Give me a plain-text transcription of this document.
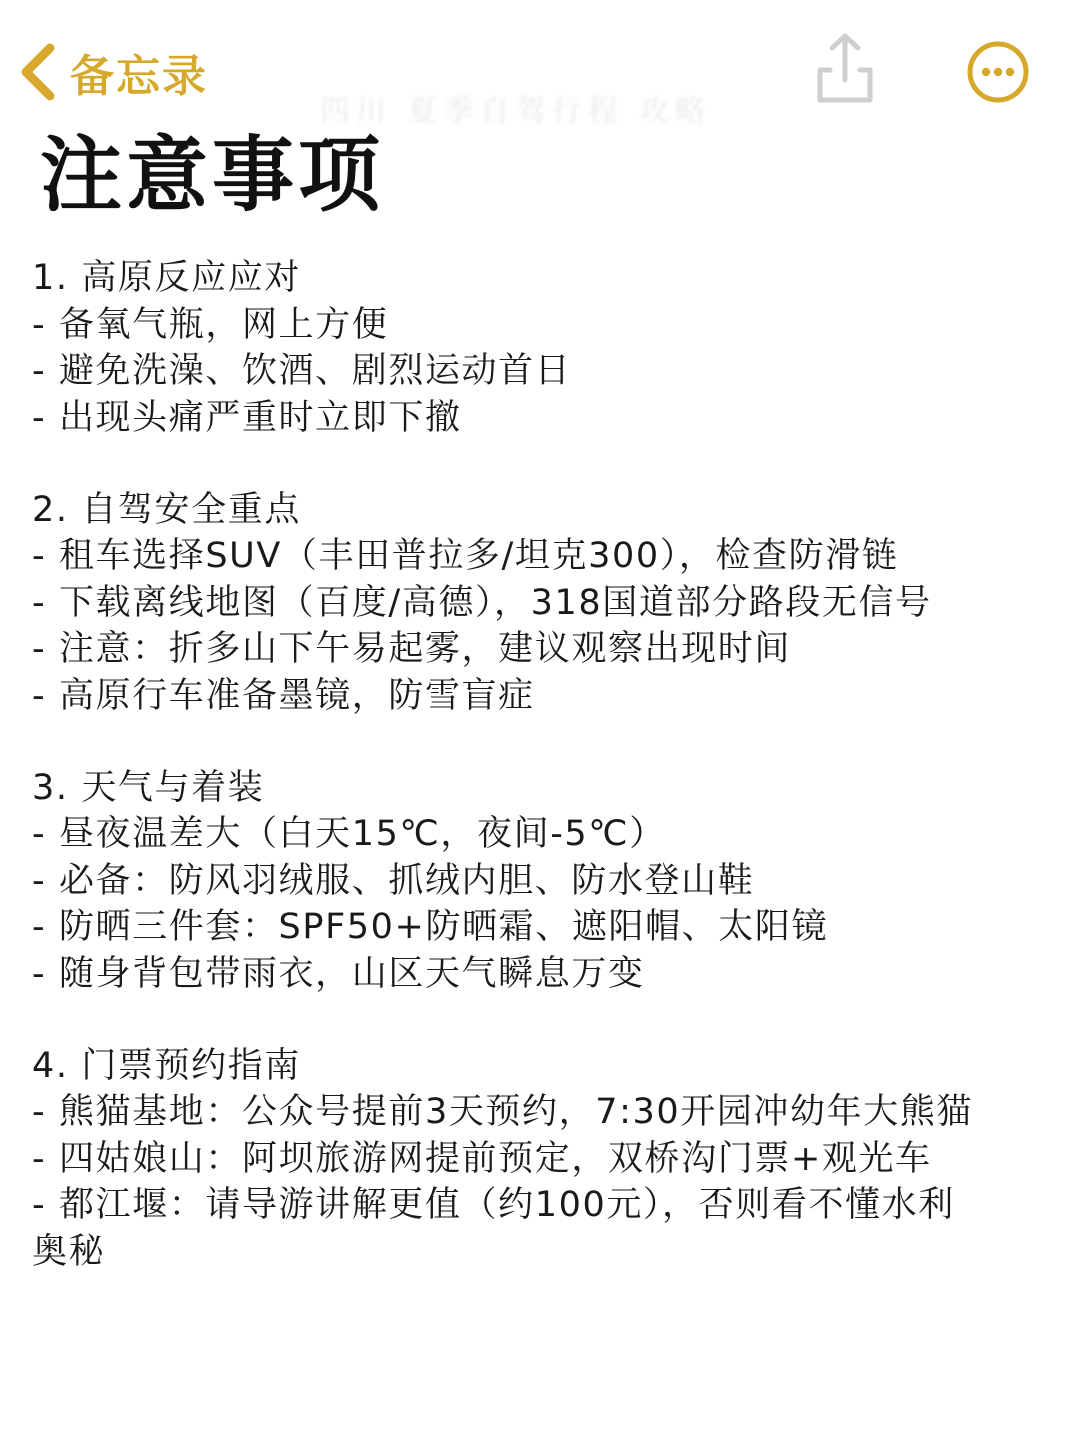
备忘录
四川 夏季自驾行程 攻略
注意事项

1. 高原反应应对

- 备氧气瓶，网上方便

- 避免洗澡、饮酒、剧烈运动首日

- 出现头痛严重时立即下撤

2. 自驾安全重点

- 租车选择SUV（丰田普拉多/坦克300），检查防滑链

- 下载离线地图（百度/高德），318国道部分路段无信号

- 注意：折多山下午易起雾，建议观察出现时间

- 高原行车准备墨镜，防雪盲症

3. 天气与着装

- 昼夜温差大（白天15℃，夜间-5℃）

- 必备：防风羽绒服、抓绒内胆、防水登山鞋

- 防晒三件套：SPF50+防晒霜、遮阳帽、太阳镜

- 随身背包带雨衣，山区天气瞬息万变

4. 门票预约指南

- 熊猫基地：公众号提前3天预约，7:30开园冲幼年大熊猫

- 四姑娘山：阿坝旅游网提前预定，双桥沟门票+观光车

- 都江堰：请导游讲解更值（约100元），否则看不懂水利

奥秘
